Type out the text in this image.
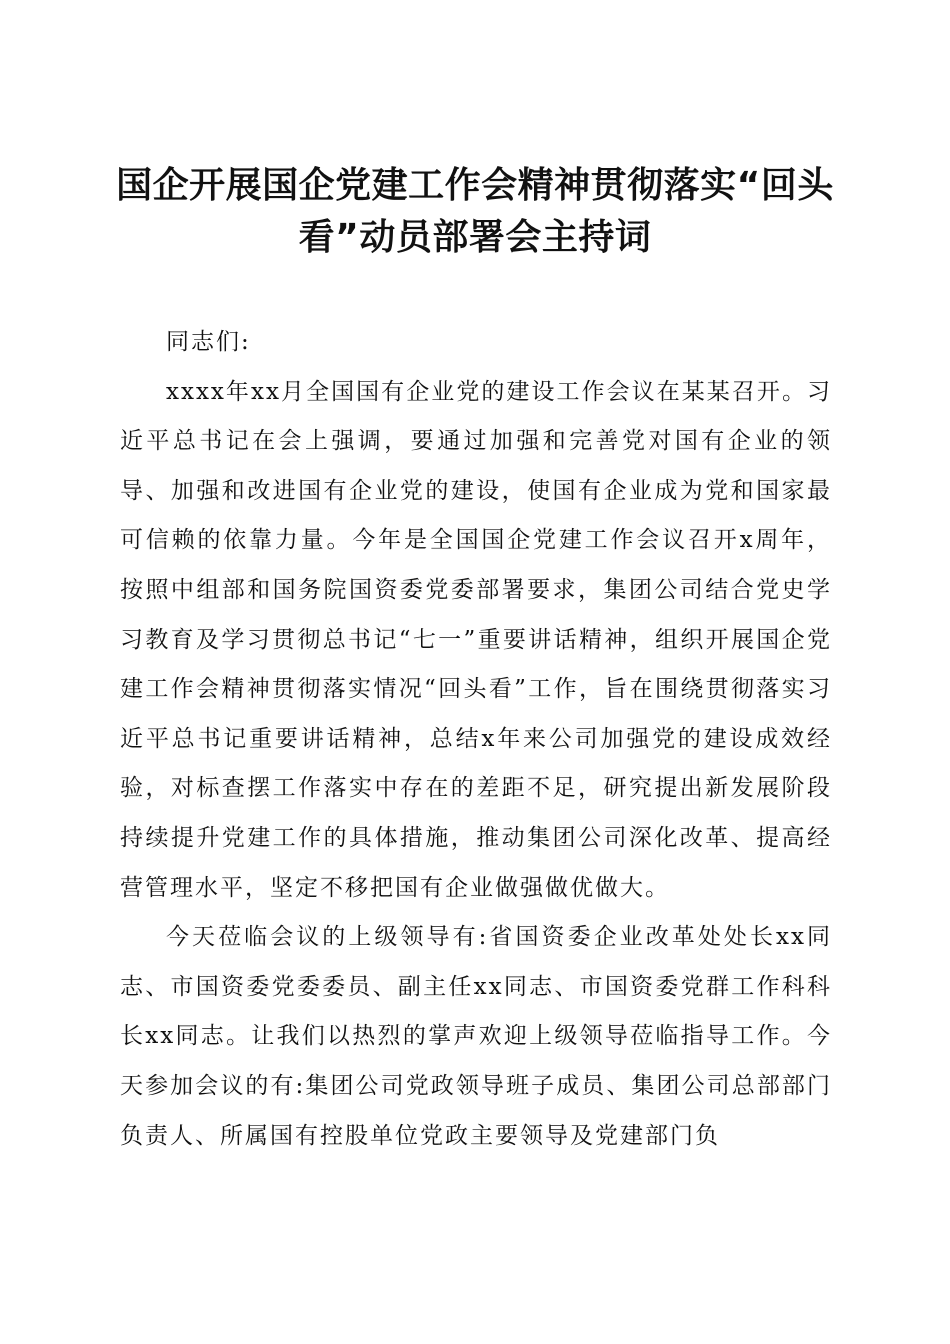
国企开展国企党建工作会精神贯彻落实“回头
看”动员部署会主持词

同志们:

xxxx年xx月全国国有企业党的建设工作会议在某某召开。习近平总书记在会上强调，要通过加强和完善党对国有企业的领导、加强和改进国有企业党的建设，使国有企业成为党和国家最可信赖的依靠力量。今年是全国国企党建工作会议召开x周年，按照中组部和国务院国资委党委部署要求，集团公司结合党史学习教育及学习贯彻总书记“七一”重要讲话精神，组织开展国企党建工作会精神贯彻落实情况“回头看”工作，旨在围绕贯彻落实习近平总书记重要讲话精神，总结x年来公司加强党的建设成效经验，对标查摆工作落实中存在的差距不足，研究提出新发展阶段持续提升党建工作的具体措施，推动集团公司深化改革、提高经营管理水平，坚定不移把国有企业做强做优做大。

今天莅临会议的上级领导有:省国资委企业改革处处长xx同志、市国资委党委委员、副主任xx同志、市国资委党群工作科科长xx同志。让我们以热烈的掌声欢迎上级领导莅临指导工作。今天参加会议的有:集团公司党政领导班子成员、集团公司总部部门负责人、所属国有控股单位党政主要领导及党建部门负
